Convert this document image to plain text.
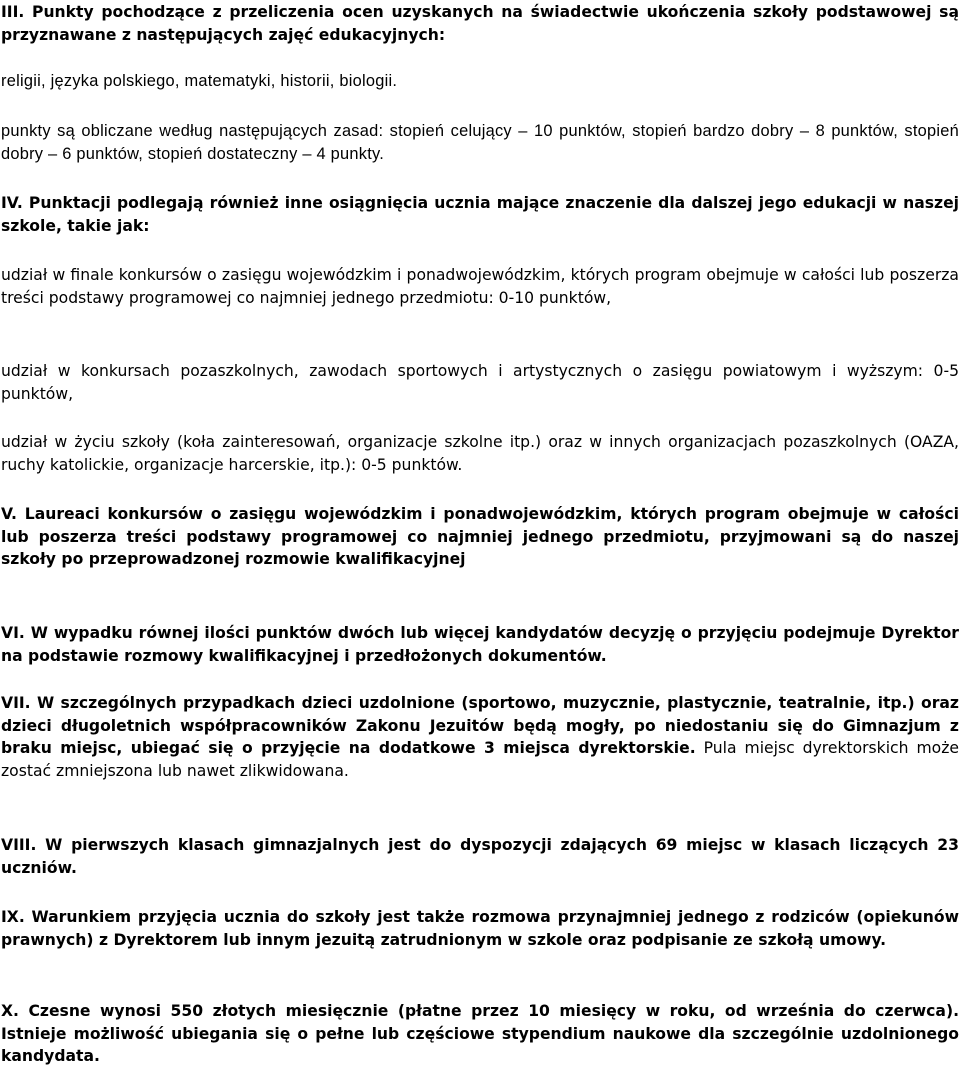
III. Punkty pochodzące z przeliczenia ocen uzyskanych na świadectwie ukończenia szkoły podstawowej są przyznawane z następujących zajęć edukacyjnych:

religii, języka polskiego, matematyki, historii, biologii.

punkty są obliczane według następujących zasad: stopień celujący – 10 punktów, stopień bardzo dobry – 8 punktów, stopień dobry – 6 punktów, stopień dostateczny – 4 punkty.

IV. Punktacji podlegają również inne osiągnięcia ucznia mające znaczenie dla dalszej jego edukacji w naszej szkole, takie jak:

udział w finale konkursów o zasięgu wojewódzkim i ponadwojewódzkim, których program obejmuje w całości lub poszerza treści podstawy programowej co najmniej jednego przedmiotu: 0-10 punktów,

udział w konkursach pozaszkolnych, zawodach sportowych i artystycznych o zasięgu powiatowym i wyższym: 0-5 punktów,

udział w życiu szkoły (koła zainteresowań, organizacje szkolne itp.) oraz w innych organizacjach pozaszkolnych (OAZA, ruchy katolickie, organizacje harcerskie, itp.): 0-5 punktów.

V. Laureaci konkursów o zasięgu wojewódzkim i ponadwojewódzkim, których program obejmuje w całości lub poszerza treści podstawy programowej co najmniej jednego przedmiotu, przyjmowani są do naszej szkoły po przeprowadzonej rozmowie kwalifikacyjnej

VI. W wypadku równej ilości punktów dwóch lub więcej kandydatów decyzję o przyjęciu podejmuje Dyrektor na podstawie rozmowy kwalifikacyjnej i przedłożonych dokumentów.

VII. W szczególnych przypadkach dzieci uzdolnione (sportowo, muzycznie, plastycznie, teatralnie, itp.) oraz dzieci długoletnich współpracowników Zakonu Jezuitów będą mogły, po niedostaniu się do Gimnazjum z braku miejsc, ubiegać się o przyjęcie na dodatkowe 3 miejsca dyrektorskie. Pula miejsc dyrektorskich może zostać zmniejszona lub nawet zlikwidowana.

VIII. W pierwszych klasach gimnazjalnych jest do dyspozycji zdających 69 miejsc w klasach liczących 23 uczniów.

IX. Warunkiem przyjęcia ucznia do szkoły jest także rozmowa przynajmniej jednego z rodziców (opiekunów prawnych) z Dyrektorem lub innym jezuitą zatrudnionym w szkole oraz podpisanie ze szkołą umowy.

X. Czesne wynosi 550 złotych miesięcznie (płatne przez 10 miesięcy w roku, od września do czerwca). Istnieje możliwość ubiegania się o pełne lub częściowe stypendium naukowe dla szczególnie uzdolnionego kandydata.
